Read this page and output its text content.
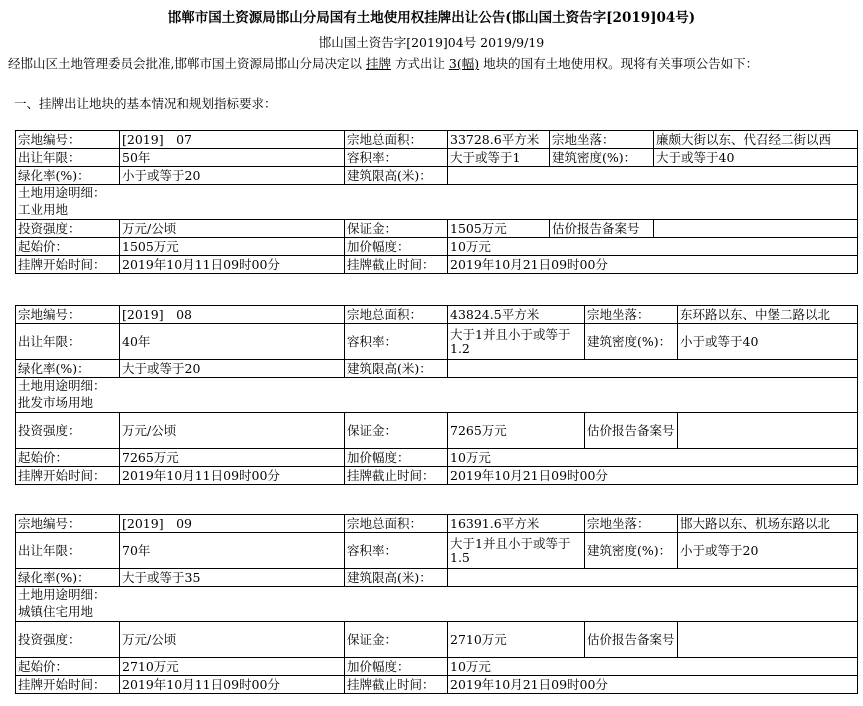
邯郸市国土资源局邯山分局国有土地使用权挂牌出让公告(邯山国土资告字[2019]04号)
邯山国土资告字[2019]04号 2019/9/19
经邯山区土地管理委员会批准,邯郸市国土资源局邯山分局决定以 挂牌 方式出让 3(幅) 地块的国有土地使用权。现将有关事项公告如下：
一、挂牌出让地块的基本情况和规划指标要求：
宗地编号：	[2019]　07	宗地总面积：	33728.6平方米	宗地坐落：	廉颇大街以东、代召经二街以西
出让年限：	50年	容积率：	大于或等于1	建筑密度(%)：	大于或等于40
绿化率(%)：	小于或等于20	建筑限高(米)：			
土地用途明细：					
工业用地					
投资强度：	万元/公顷	保证金：	1505万元	估价报告备案号	
起始价：	1505万元	加价幅度：	10万元		
挂牌开始时间：	2019年10月11日09时00分	挂牌截止时间：	2019年10月21日09时00分		
宗地编号：	[2019]　08	宗地总面积：	43824.5平方米	宗地坐落：	东环路以东、中堡二路以北
出让年限：	40年	容积率：	大于1并且小于或等于1.2	建筑密度(%)：	小于或等于40
绿化率(%)：	大于或等于20	建筑限高(米)：			
土地用途明细：					
批发市场用地					
投资强度：	万元/公顷	保证金：	7265万元	估价报告备案号	
起始价：	7265万元	加价幅度：	10万元		
挂牌开始时间：	2019年10月11日09时00分	挂牌截止时间：	2019年10月21日09时00分		
宗地编号：	[2019]　09	宗地总面积：	16391.6平方米	宗地坐落：	邯大路以东、机场东路以北
出让年限：	70年	容积率：	大于1并且小于或等于1.5	建筑密度(%)：	小于或等于20
绿化率(%)：	大于或等于35	建筑限高(米)：			
土地用途明细：					
城镇住宅用地					
投资强度：	万元/公顷	保证金：	2710万元	估价报告备案号	
起始价：	2710万元	加价幅度：	10万元		
挂牌开始时间：	2019年10月11日09时00分	挂牌截止时间：	2019年10月21日09时00分		
